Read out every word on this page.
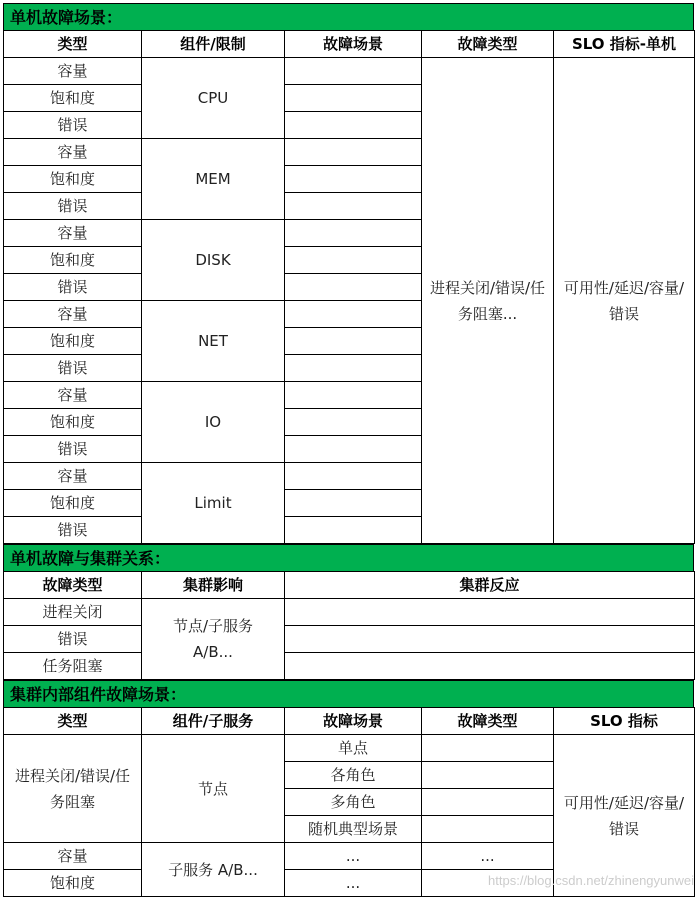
单机故障场景：
类型	组件/限制	故障场景	故障类型	SLO 指标-单机
容量	CPU		进程关闭/错误/任务阻塞...	可用性/延迟/容量/错误
饱和度				
错误				
容量	MEM			
饱和度				
错误				
容量	DISK			
饱和度				
错误				
容量	NET			
饱和度				
错误				
容量	IO			
饱和度				
错误				
容量	Limit			
饱和度				
错误				
单机故障与集群关系：
故障类型	集群影响	集群反应
进程关闭	节点/子服务 A/B...	
错误		
任务阻塞		
集群内部组件故障场景：
类型	组件/子服务	故障场景	故障类型	SLO 指标
进程关闭/错误/任务阻塞	节点	单点		可用性/延迟/容量/错误
		各角色		
		多角色		
		随机典型场景		
容量	子服务 A/B...	...	...	
饱和度		...			https://blog.csdn.net/zhinengyunwei
